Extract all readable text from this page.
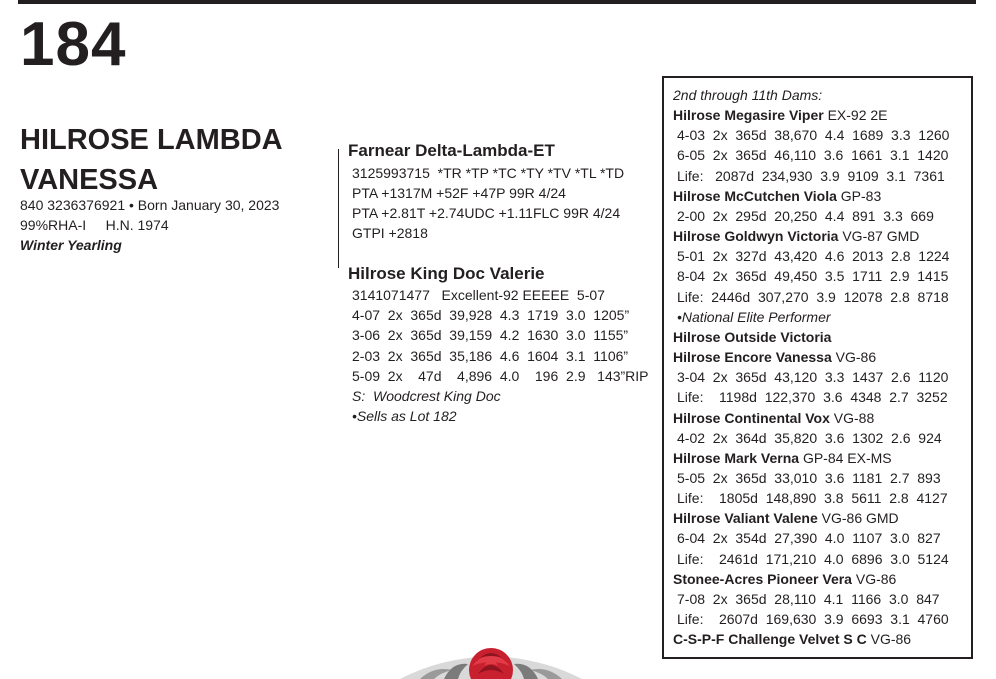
184
HILROSE LAMBDA VANESSA
840 3236376921 • Born January 30, 2023
99%RHA-I     H.N. 1974
Winter Yearling
Farnear Delta-Lambda-ET
3125993715  *TR *TP *TC *TY *TV *TL *TD
PTA +1317M +52F +47P 99R 4/24
PTA +2.81T +2.74UDC +1.11FLC 99R 4/24
GTPI +2818
Hilrose King Doc Valerie
3141071477   Excellent-92 EEEEE  5-07
4-07  2x  365d  39,928  4.3  1719  3.0  1205”
3-06  2x  365d  39,159  4.2  1630  3.0  1155”
2-03  2x  365d  35,186  4.6  1604  3.1  1106”
5-09  2x    47d    4,896  4.0    196  2.9   143”RIP
S:  Woodcrest King Doc
•Sells as Lot 182
2nd through 11th Dams:
Hilrose Megasire Viper EX-92 2E
4-03  2x  365d  38,670  4.4  1689  3.3  1260
6-05  2x  365d  46,110  3.6  1661  3.1  1420
Life:   2087d  234,930  3.9  9109  3.1  7361
Hilrose McCutchen Viola GP-83
2-00  2x  295d  20,250  4.4  891  3.3  669
Hilrose Goldwyn Victoria VG-87 GMD
5-01  2x  327d  43,420  4.6  2013  2.8  1224
8-04  2x  365d  49,450  3.5  1711  2.9  1415
Life:  2446d  307,270  3.9  12078  2.8  8718
•National Elite Performer
Hilrose Outside Victoria
Hilrose Encore Vanessa VG-86
3-04  2x  365d  43,120  3.3  1437  2.6  1120
Life:    1198d  122,370  3.6  4348  2.7  3252
Hilrose Continental Vox VG-88
4-02  2x  364d  35,820  3.6  1302  2.6  924
Hilrose Mark Verna GP-84 EX-MS
5-05  2x  365d  33,010  3.6  1181  2.7  893
Life:    1805d  148,890  3.8  5611  2.8  4127
Hilrose Valiant Valene VG-86 GMD
6-04  2x  354d  27,390  4.0  1107  3.0  827
Life:    2461d  171,210  4.0  6896  3.0  5124
Stonee-Acres Pioneer Vera VG-86
7-08  2x  365d  28,110  4.1  1166  3.0  847
Life:    2607d  169,630  3.9  6693  3.1  4760
C-S-P-F Challenge Velvet S C VG-86
